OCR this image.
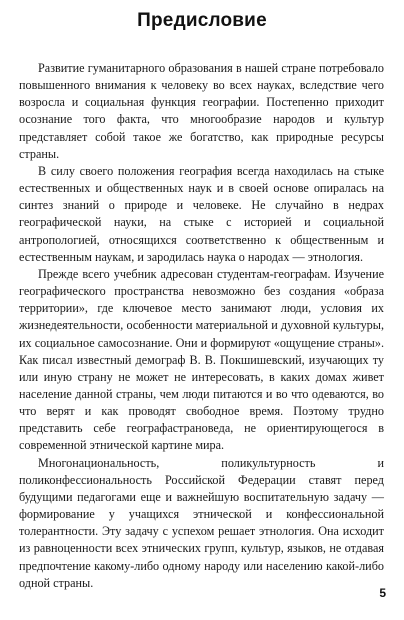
Предисловие

Развитие гуманитарного образования в нашей стране потребовало повышенного внимания к человеку во всех науках, вследствие чего возросла и социальная функция географии. Постепенно приходит осознание того факта, что многообразие народов и культур представляет собой такое же богатство, как природные ресурсы страны.

В силу своего положения география всегда находилась на стыке естественных и общественных наук и в своей основе опиралась на синтез знаний о природе и человеке. Не случайно в недрах географической науки, на стыке с историей и социальной антропологией, относящихся соответственно к общественным и естественным наукам, и зародилась наука о народах — этнология.

Прежде всего учебник адресован студентам-географам. Изучение географического пространства невозможно без создания «образа территории», где ключевое место занимают люди, условия их жизнедеятельности, особенности материальной и духовной культуры, их социальное самосознание. Они и формируют «ощущение страны». Как писал известный демограф В. В. Покшишевский, изучающих ту или иную страну не может не интересовать, в каких домах живет население данной страны, чем люди питаются и во что одеваются, во что верят и как проводят свободное время. Поэтому трудно представить себе географастрановеда, не ориентирующегося в современной этнической картине мира.

Многонациональность, поликультурность и поликонфессиональность Российской Федерации ставят перед будущими педагогами еще и важнейшую воспитательную задачу — формирование у учащихся этнической и конфессиональной толерантности. Эту задачу с успехом решает этнология. Она исходит из равноценности всех этнических групп, культур, языков, не отдавая предпочтение какому-либо одному народу или населению какой-либо одной страны.

5
